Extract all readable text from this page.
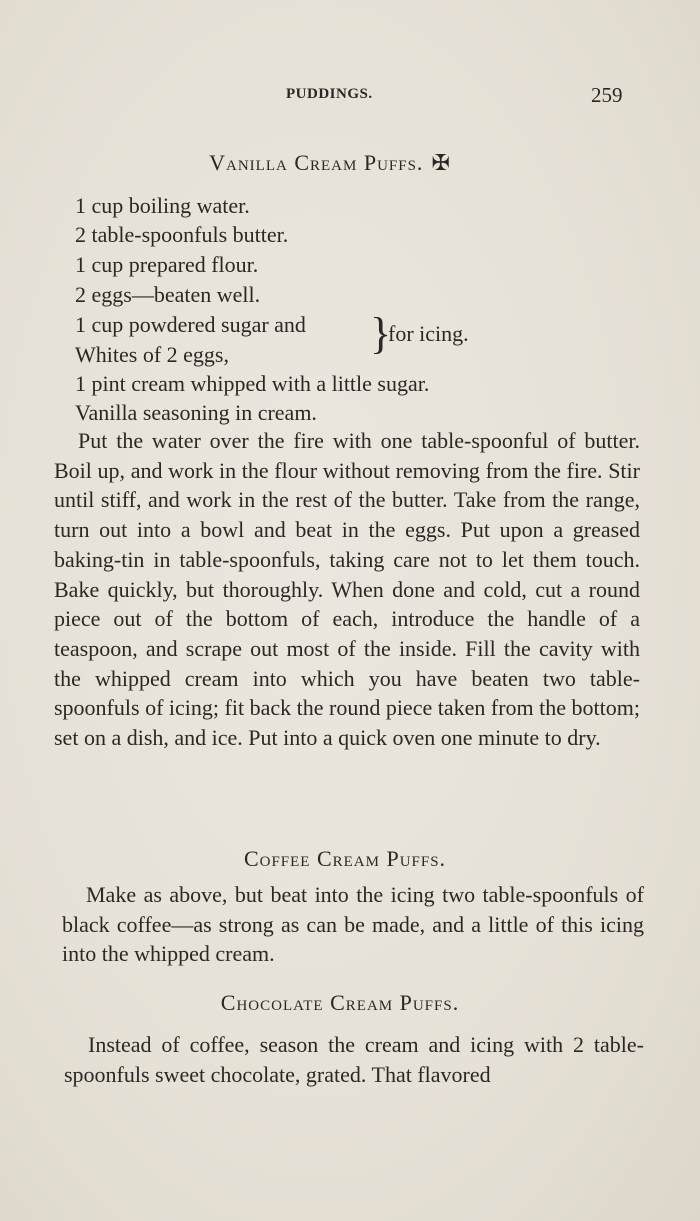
PUDDINGS.	259
Vanilla Cream Puffs. ✠
1 cup boiling water.
2 table-spoonfuls butter.
1 cup prepared flour.
2 eggs—beaten well.
1 cup powdered sugar and
Whites of 2 eggs,	}
for icing.
1 pint cream whipped with a little sugar.
Vanilla seasoning in cream.
Put the water over the fire with one table-spoonful of butter. Boil up, and work in the flour without removing from the fire. Stir until stiff, and work in the rest of the butter. Take from the range, turn out into a bowl and beat in the eggs. Put upon a greased baking-tin in table-spoonfuls, taking care not to let them touch. Bake quickly, but thoroughly. When done and cold, cut a round piece out of the bottom of each, introduce the handle of a teaspoon, and scrape out most of the inside. Fill the cavity with the whipped cream into which you have beaten two table-spoonfuls of icing; fit back the round piece taken from the bottom; set on a dish, and ice. Put into a quick oven one minute to dry.
Coffee Cream Puffs.
Make as above, but beat into the icing two table-spoonfuls of black coffee—as strong as can be made, and a little of this icing into the whipped cream.
Chocolate Cream Puffs.
Instead of coffee, season the cream and icing with 2 table-spoonfuls sweet chocolate, grated. That flavored
